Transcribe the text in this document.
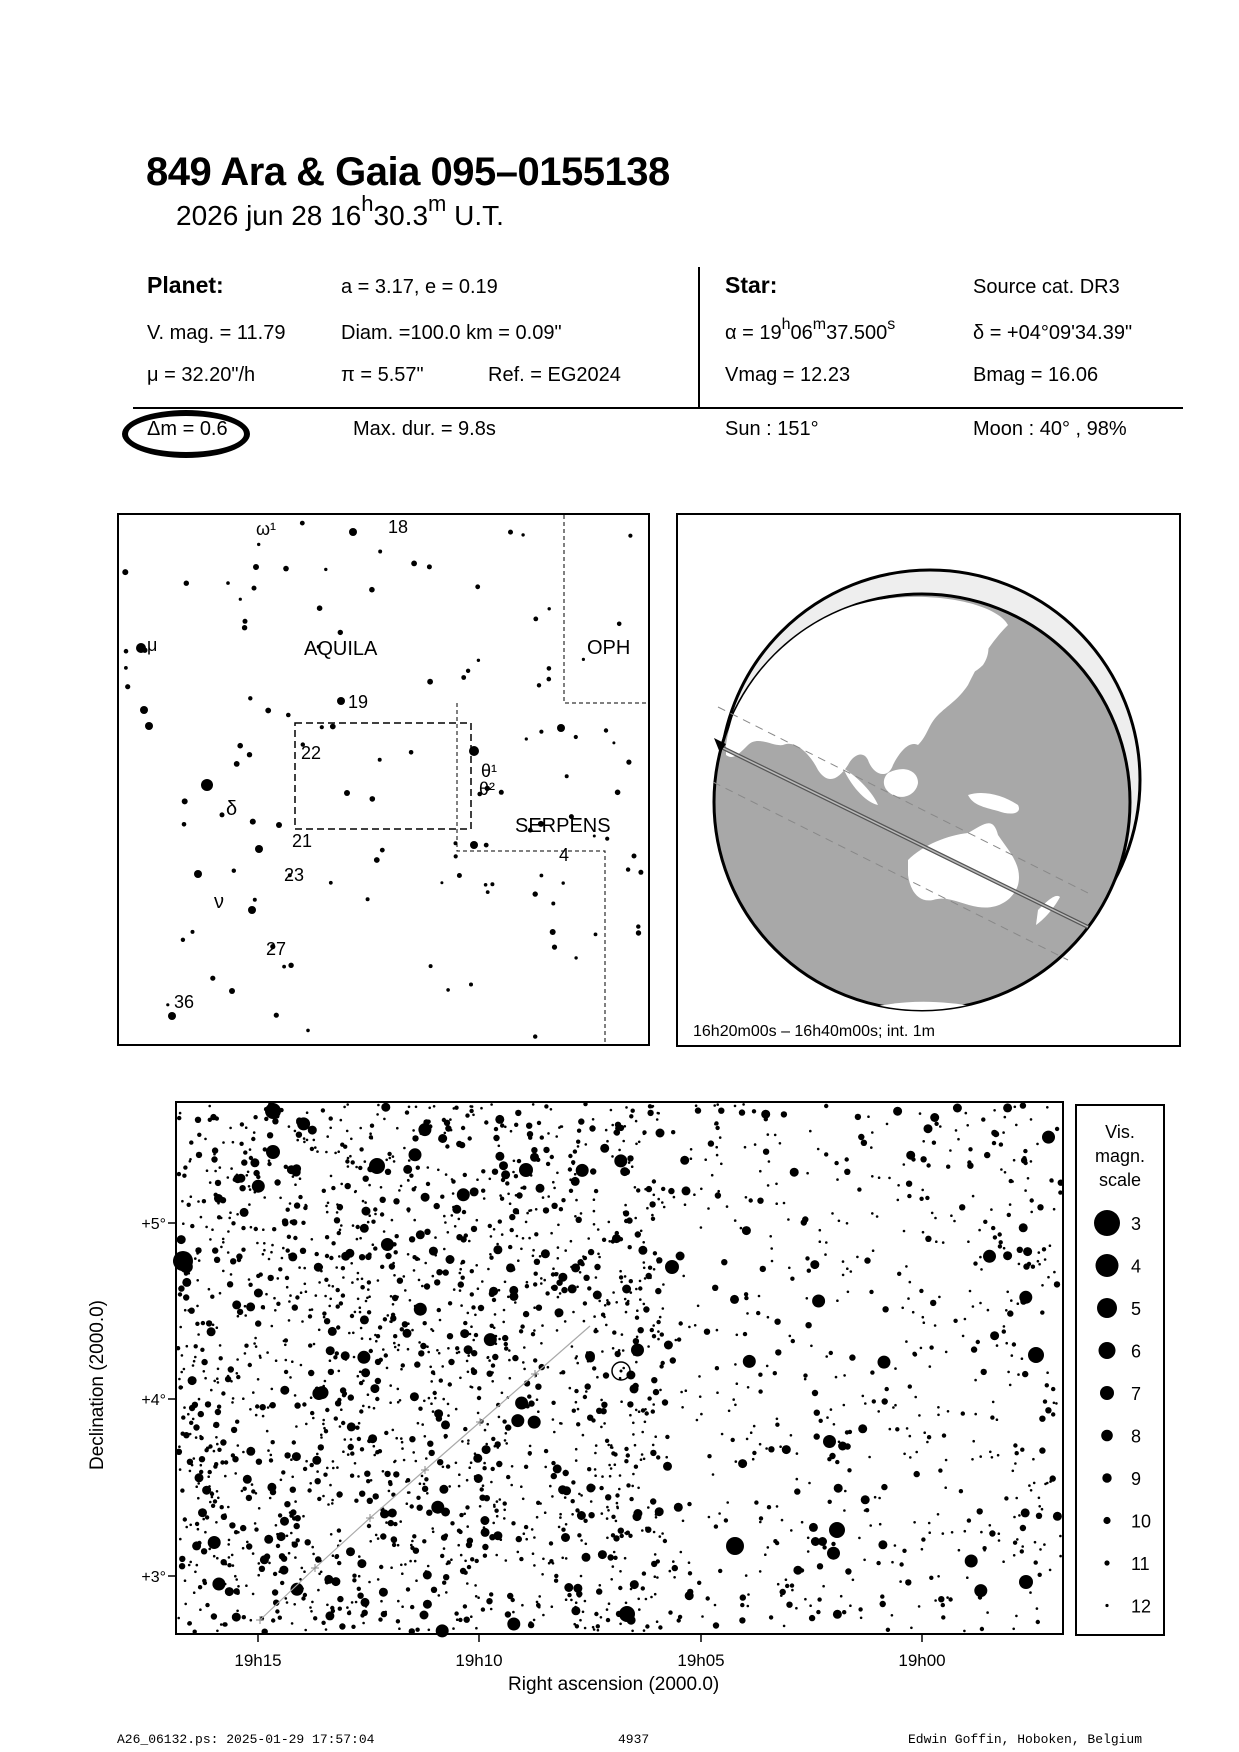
849 Ara & Gaia 095–0155138
2026 jun 28 16$^h$30.3$^m$ U.T.
Planet:	a = 3.17, e = 0.19
V. mag. = 11.79	Diam. =100.0 km = 0.09"
μ = 32.20"/h	π = 5.57"	Ref. = EG2024
Δm = 0.6	Max. dur. = 9.8s
Star:	Source cat. DR3
$\alpha = 19^h06^m37.500^s$	δ = +04°09'34.39"
Vmag = 12.23	Bmag = 16.06
Sun : 151°	Moon : 40° , 98%
AQUILA	OPH
SERPENS
ω¹	18
μ
19
22
θ¹
θ²
δ
21
4
23
ν
27
36
16h20m00s – 16h40m00s; int. 1m
19h15	19h10	19h05	19h00
+5°
+4°
+3°
Right ascension (2000.0)
Declination (2000.0)
Vis.
magn.
scale
3
4
5
6
7
8
9
10
11
12
A26_06132.ps: 2025-01-29 17:57:04	4937	Edwin Goffin, Hoboken, Belgium
